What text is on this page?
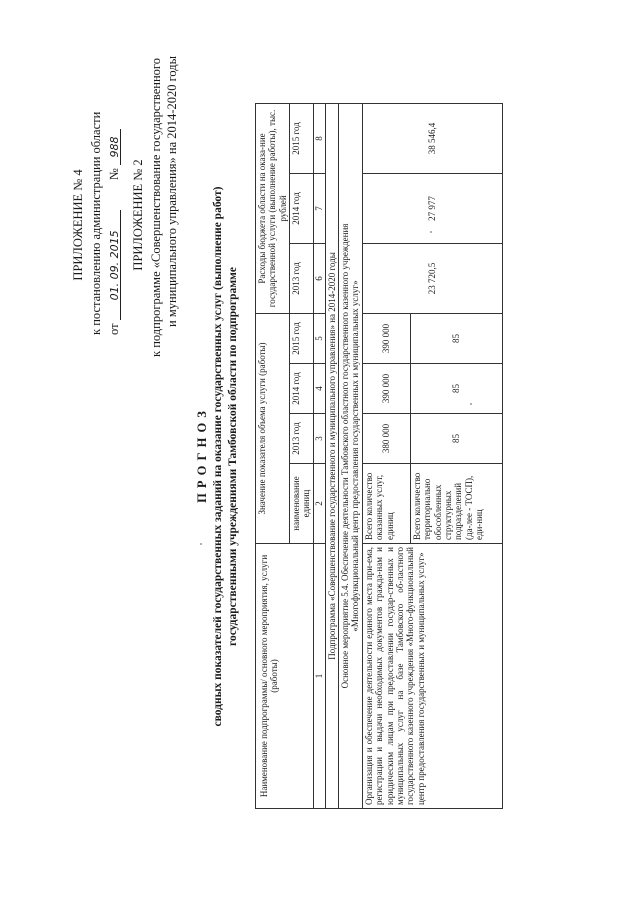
ПРИЛОЖЕНИЕ № 4 к постановлению администрации области от 01. 09. 2015  № 988
ПРИЛОЖЕНИЕ № 2 к подпрограмме «Совершенствование государственного и муниципального управления» на 2014-2020 годы
П Р О Г Н О З сводных показателей государственных заданий на оказание государственных услуг (выполнение работ) государственными учреждениями Тамбовской области по подпрограмме
Наименование подпрограммы/ основного мероприятия, услуги (работы)	Значение показателя объема услуги (работы)				Расходы бюджета области на оказа-ние государственной услуги (выполнение работы), тыс. рублей		
	наименование единиц	2013 год	2014 год	2015 год	2013 год	2014 год	2015 год
1	2	3	4	5	6	7	8
Подпрограмма «Совершенствование государственного и муниципального управления» на 2014-2020 годы							

Основное мероприятие 5.4. Обеспечение деятельности Тамбовского областного государственного казенного учреждения «Многофункциональный центр предоставления государственных и муниципальных услуг»							

Организация и обеспечение деятельности единого места при-ема, регистрации и выдачи необходимых документов гражда-нам и юридическим лицам при предоставлении государ-ственных и муниципальных услуг на базе Тамбовского об-ластного государственного казенного учреждения «Много-функциональный центр предоставления государственных и муниципальных услуг»	Всего количество оказанных услуг, единиц	380 000	390 000	390 000	23 720,5	27 977	38 546,4
	Всего количество территориально обособленных структурных подразделений (да-лее - ТОСП), еди-ниц	85	85	85			
